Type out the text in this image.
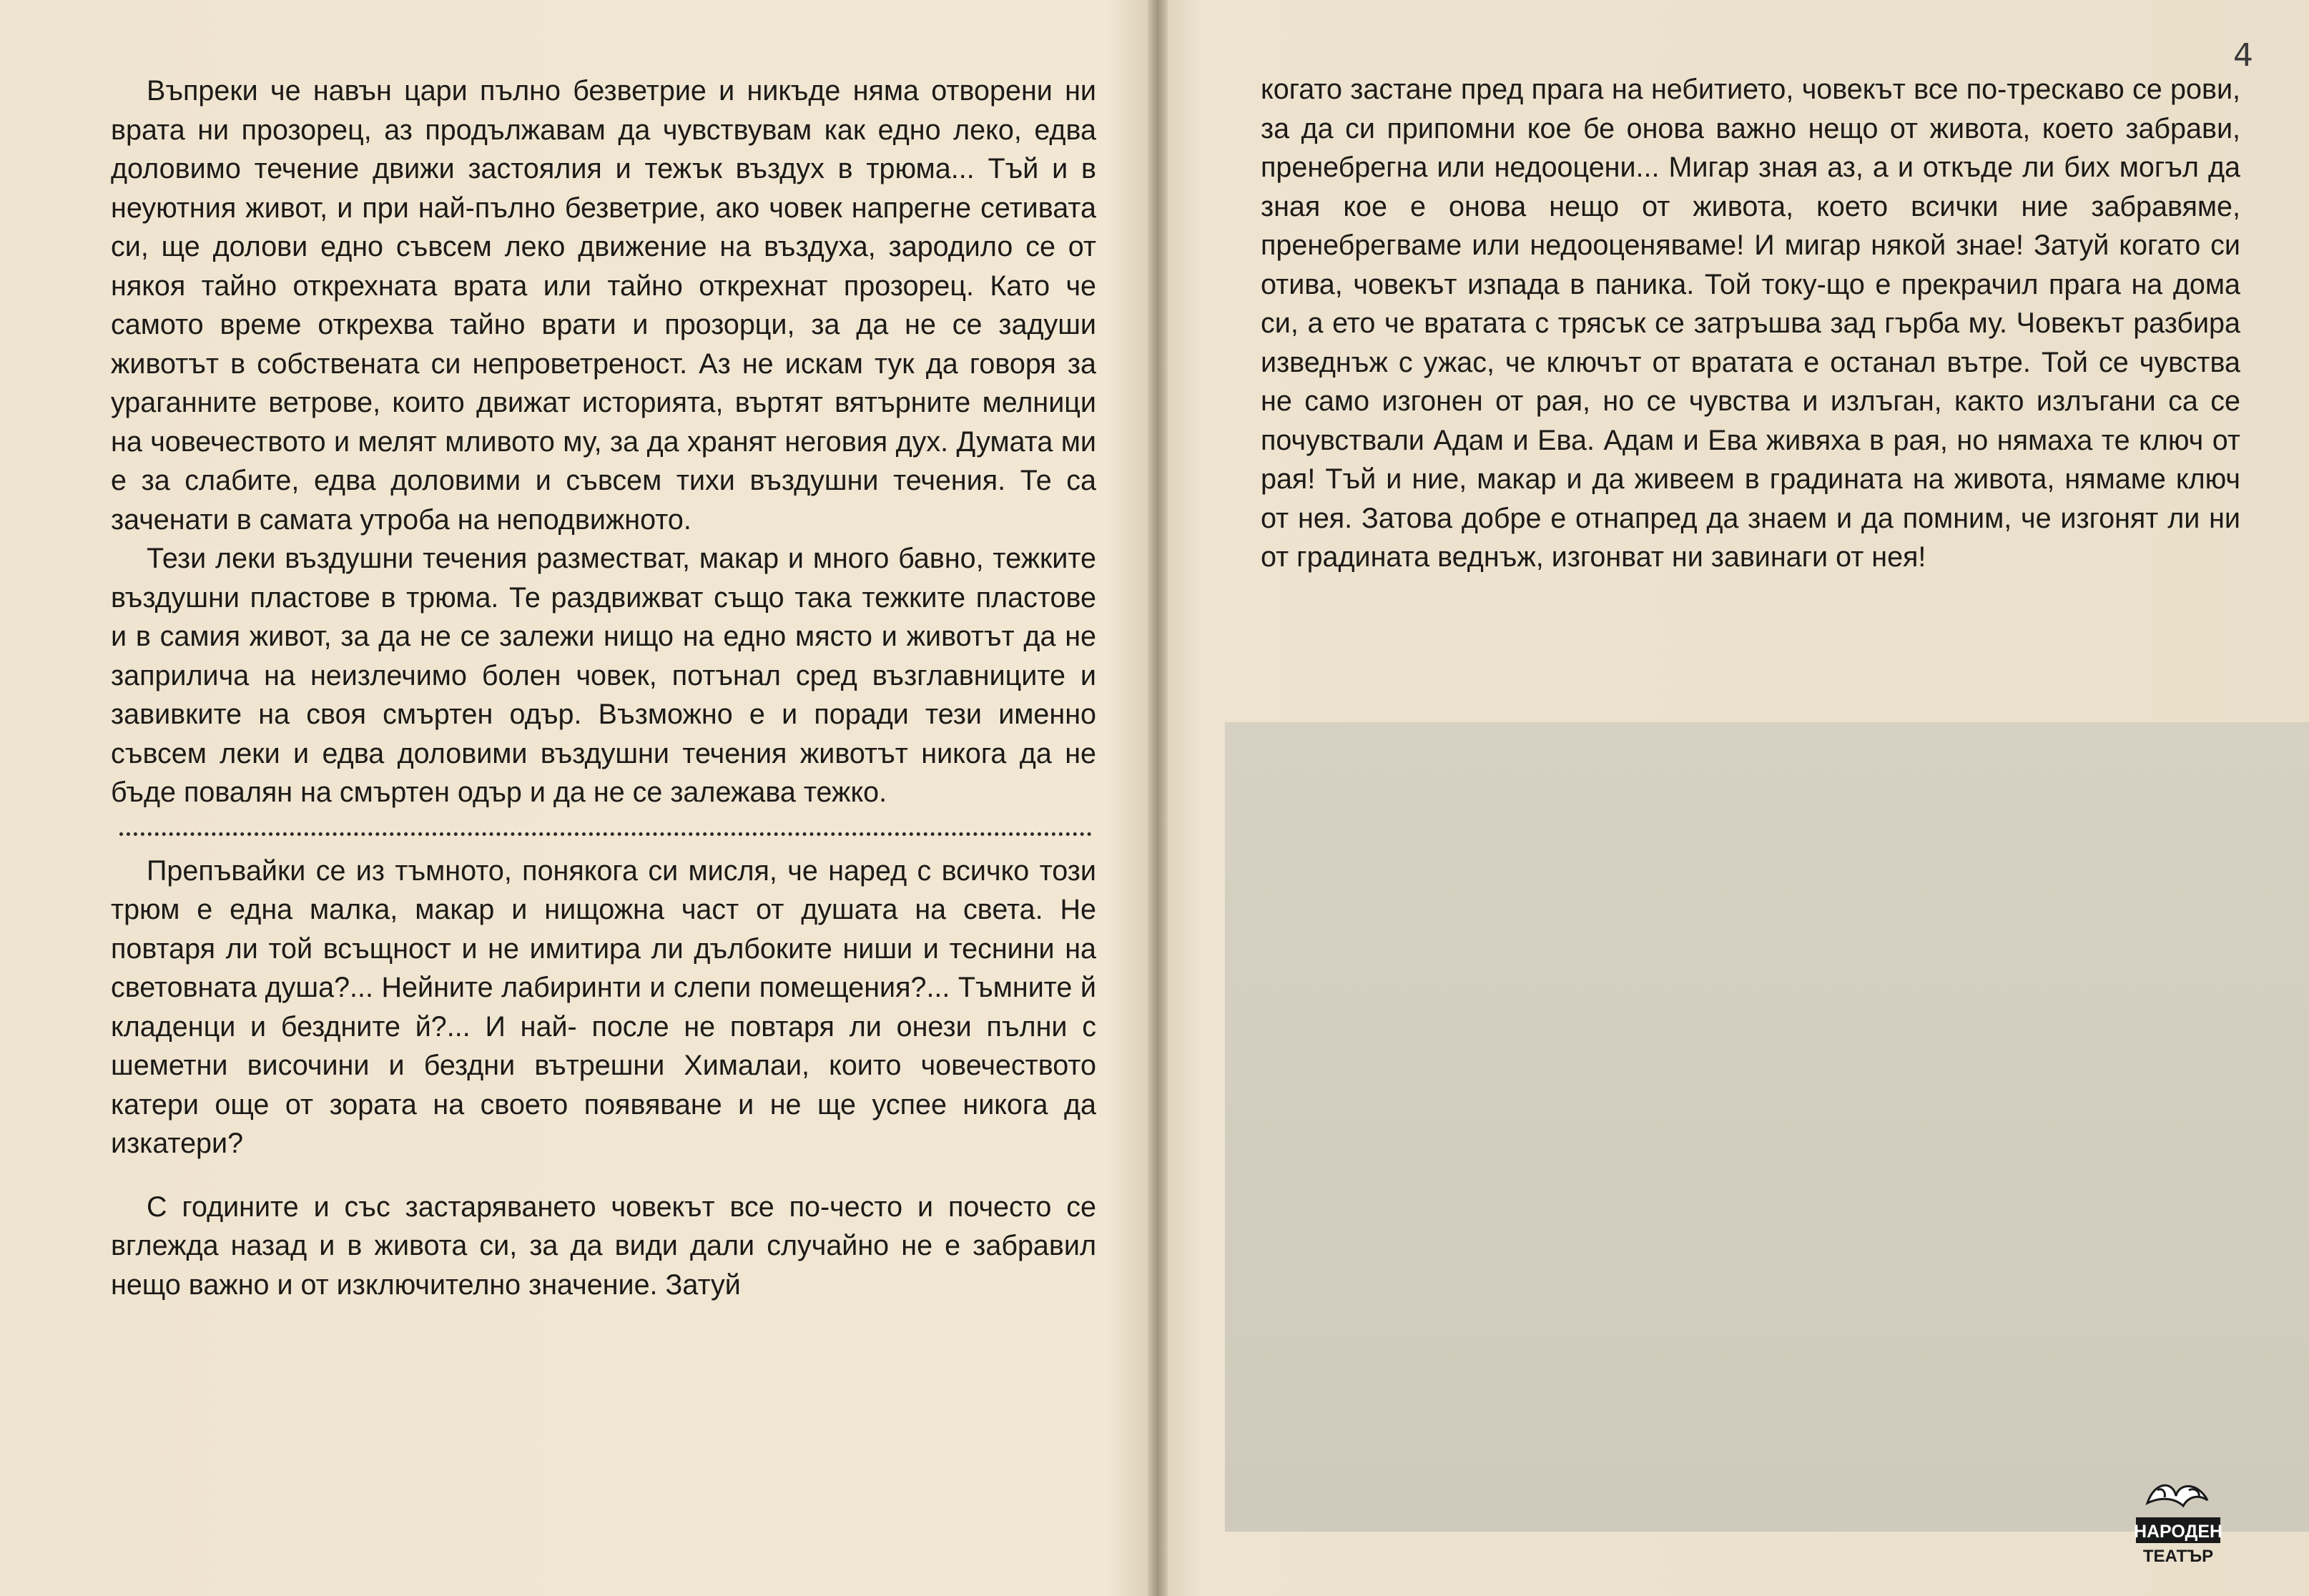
Въпреки че навън цари пълно безветрие и никъде няма отворени ни врата ни прозорец, аз продължавам да чувствувам как едно леко, едва доловимо течение движи застоялия и тежък въздух в трюма... Тъй и в неуютния живот, и при най-пълно безветрие, ако човек напрегне сетивата си, ще долови едно съвсем леко движение на въздуха, зародило се от някоя тайно открехната врата или тайно открехнат прозорец. Като че самото време открехва тайно врати и прозорци, за да не се задуши животът в собствената си непроветреност. Аз не искам тук да говоря за ураганните ветрове, които движат историята, въртят вятърните мелници на човечеството и мелят мливото му, за да хранят неговия дух. Думата ми е за слабите, едва доловими и съвсем тихи въздушни течения. Те са заченати в самата утроба на неподвижното.

Тези леки въздушни течения разместват, макар и много бавно, тежките въздушни пластове в трюма. Те раздвижват също така тежките пластове и в самия живот, за да не се залежи нищо на едно място и животът да не заприлича на неизлечимо болен човек, потънал сред възглавниците и завивките на своя смъртен одър. Възможно е и поради тези именно съвсем леки и едва доловими въздушни течения животът никога да не бъде повалян на смъртен одър и да не се залежава тежко.

Препъвайки се из тъмното, понякога си мисля, че наред с всичко този трюм е една малка, макар и нищожна част от душата на света. Не повтаря ли той всъщност и не имитира ли дълбоките ниши и теснини на световната душа?... Нейните лабиринти и слепи помещения?... Тъмните й кладенци и бездните й?... И най- после не повтаря ли онези пълни с шеметни височини и бездни вътрешни Хималаи, които човечеството катери още от зората на своето появяване и не ще успее никога да изкатери?

С годините и със застаряването човекът все по-често и почесто се вглежда назад и в живота си, за да види дали случайно не е забравил нещо важно и от изключително значение. Затуй

4

когато застане пред прага на небитието, човекът все по-трескаво се рови, за да си припомни кое бе онова важно нещо от живота, което забрави, пренебрегна или недооцени... Мигар зная аз, а и откъде ли бих могъл да зная кое е онова нещо от живота, което всички ние забравяме, пренебрегваме или недооценяваме! И мигар някой знае! Затуй когато си отива, човекът изпада в паника. Той току-що е прекрачил прага на дома си, а ето че вратата с трясък се затръшва зад гърба му. Човекът разбира изведнъж с ужас, че ключът от вратата е останал вътре. Той се чувства не само изгонен от рая, но се чувства и излъган, както излъгани са се почувствали Адам и Ева. Адам и Ева живяха в рая, но нямаха те ключ от рая! Тъй и ние, макар и да живеем в градината на живота, нямаме ключ от нея. Затова добре е отнапред да знаем и да помним, че изгонят ли ни от градината веднъж, изгонват ни завинаги от нея!

НАРОДЕН
ТЕАТЪР
